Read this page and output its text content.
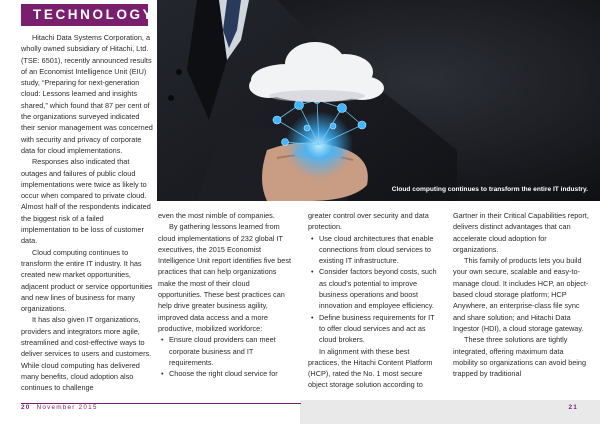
TECHNOLOGY
Cloud computing continues to transform the entire IT industry.

Hitachi Data Systems Corporation, a wholly owned subsidiary of Hitachi, Ltd. (TSE: 6501), recently announced results of an Economist Intelligence Unit (EIU) study, “Preparing for next-generation cloud: Lessons learned and insights shared,” which found that 87 per cent of the organizations surveyed indicated their senior management was concerned with security and privacy of corporate data for cloud implementations.

Responses also indicated that outages and failures of public cloud implementations were twice as likely to occur when compared to private cloud. Almost half of the respondents indicated the biggest risk of a failed implementation to be loss of customer data.

Cloud computing continues to transform the entire IT industry. It has created new market opportunities, adjacent product or service opportunities and new lines of business for many organizations.

It has also given IT organizations, providers and integrators more agile, streamlined and cost-effective ways to deliver services to users and customers. While cloud computing has delivered many benefits, cloud adoption also continues to challenge

even the most nimble of companies.

By gathering lessons learned from cloud implementations of 232 global IT executives, the 2015 Economist Intelligence Unit report identifies five best practices that can help organizations make the most of their cloud opportunities. These best practices can help drive greater business agility, improved data access and a more productive, mobilized workforce:

• Ensure cloud providers can meet corporate business and IT requirements.

• Choose the right cloud service for

greater control over security and data protection.

• Use cloud architectures that enable connections from cloud services to existing IT infrastructure.

• Consider factors beyond costs, such as cloud’s potential to improve business operations and boost innovation and employee efficiency.

• Define business requirements for IT to offer cloud services and act as cloud brokers.

In alignment with these best practices, the Hitachi Content Platform (HCP), rated the No. 1 most secure object storage solution according to

Gartner in their Critical Capabilities report, delivers distinct advantages that can accelerate cloud adoption for organizations.

This family of products lets you build your own secure, scalable and easy-to-manage cloud. It includes HCP, an object-based cloud storage platform; HCP Anywhere, an enterprise-class file sync and share solution; and Hitachi Data Ingestor (HDI), a cloud storage gateway.

These three solutions are tightly integrated, offering maximum data mobility so organizations can avoid being trapped by traditional

20 November 2015	21
